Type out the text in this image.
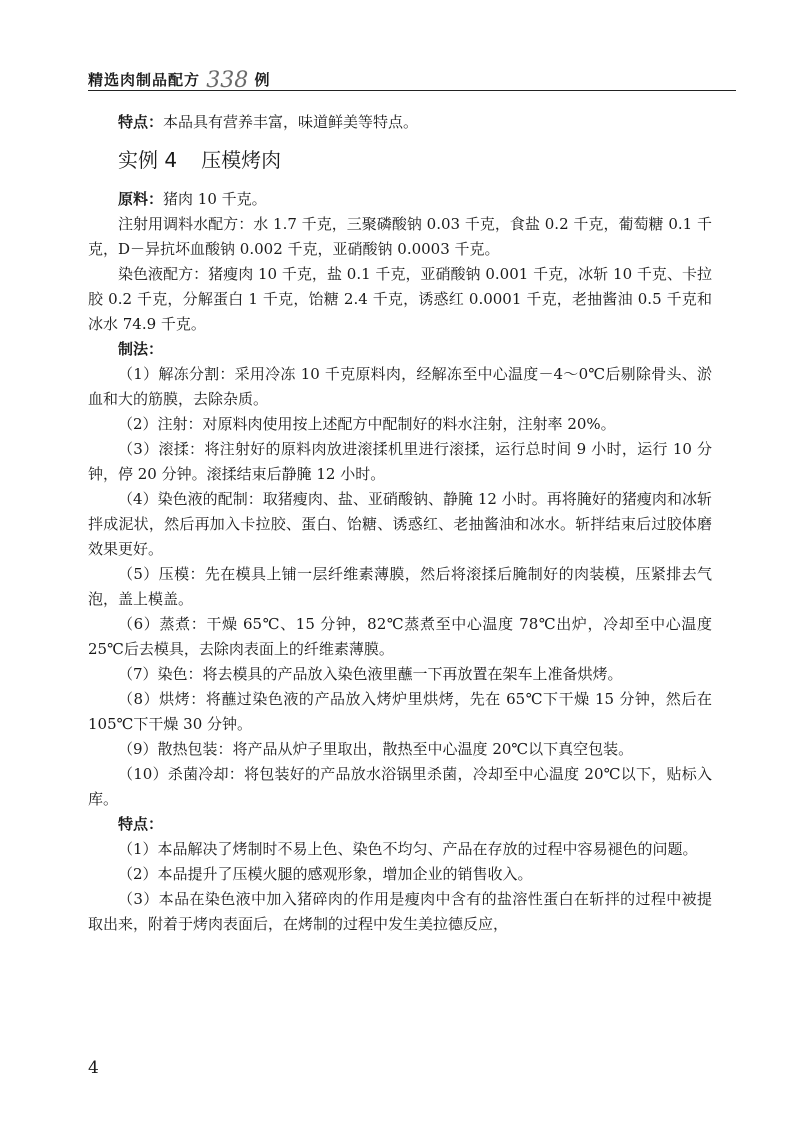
精选肉制品配方 338 例

特点：本品具有营养丰富，味道鲜美等特点。

实例 4 压模烤肉

原料：猪肉 10 千克。

注射用调料水配方：水 1.7 千克，三聚磷酸钠 0.03 千克，食盐 0.2 千克，葡萄糖 0.1 千克，D－异抗坏血酸钠 0.002 千克，亚硝酸钠 0.0003 千克。

染色液配方：猪瘦肉 10 千克，盐 0.1 千克，亚硝酸钠 0.001 千克，冰斩 10 千克、卡拉胶 0.2 千克，分解蛋白 1 千克，饴糖 2.4 千克，诱惑红 0.0001 千克，老抽酱油 0.5 千克和冰水 74.9 千克。

制法：

（1）解冻分割：采用冷冻 10 千克原料肉，经解冻至中心温度－4～0℃后剔除骨头、淤血和大的筋膜，去除杂质。

（2）注射：对原料肉使用按上述配方中配制好的料水注射，注射率 20%。

（3）滚揉：将注射好的原料肉放进滚揉机里进行滚揉，运行总时间 9 小时，运行 10 分钟，停 20 分钟。滚揉结束后静腌 12 小时。

（4）染色液的配制：取猪瘦肉、盐、亚硝酸钠、静腌 12 小时。再将腌好的猪瘦肉和冰斩拌成泥状，然后再加入卡拉胶、蛋白、饴糖、诱惑红、老抽酱油和冰水。斩拌结束后过胶体磨效果更好。

（5）压模：先在模具上铺一层纤维素薄膜，然后将滚揉后腌制好的肉装模，压紧排去气泡，盖上模盖。

（6）蒸煮：干燥 65℃、15 分钟，82℃蒸煮至中心温度 78℃出炉，冷却至中心温度 25℃后去模具，去除肉表面上的纤维素薄膜。

（7）染色：将去模具的产品放入染色液里蘸一下再放置在架车上准备烘烤。

（8）烘烤：将蘸过染色液的产品放入烤炉里烘烤，先在 65℃下干燥 15 分钟，然后在 105℃下干燥 30 分钟。

（9）散热包装：将产品从炉子里取出，散热至中心温度 20℃以下真空包装。

（10）杀菌冷却：将包装好的产品放水浴锅里杀菌，冷却至中心温度 20℃以下，贴标入库。

特点：

（1）本品解决了烤制时不易上色、染色不均匀、产品在存放的过程中容易褪色的问题。

（2）本品提升了压模火腿的感观形象，增加企业的销售收入。

（3）本品在染色液中加入猪碎肉的作用是瘦肉中含有的盐溶性蛋白在斩拌的过程中被提取出来，附着于烤肉表面后，在烤制的过程中发生美拉德反应，

4
